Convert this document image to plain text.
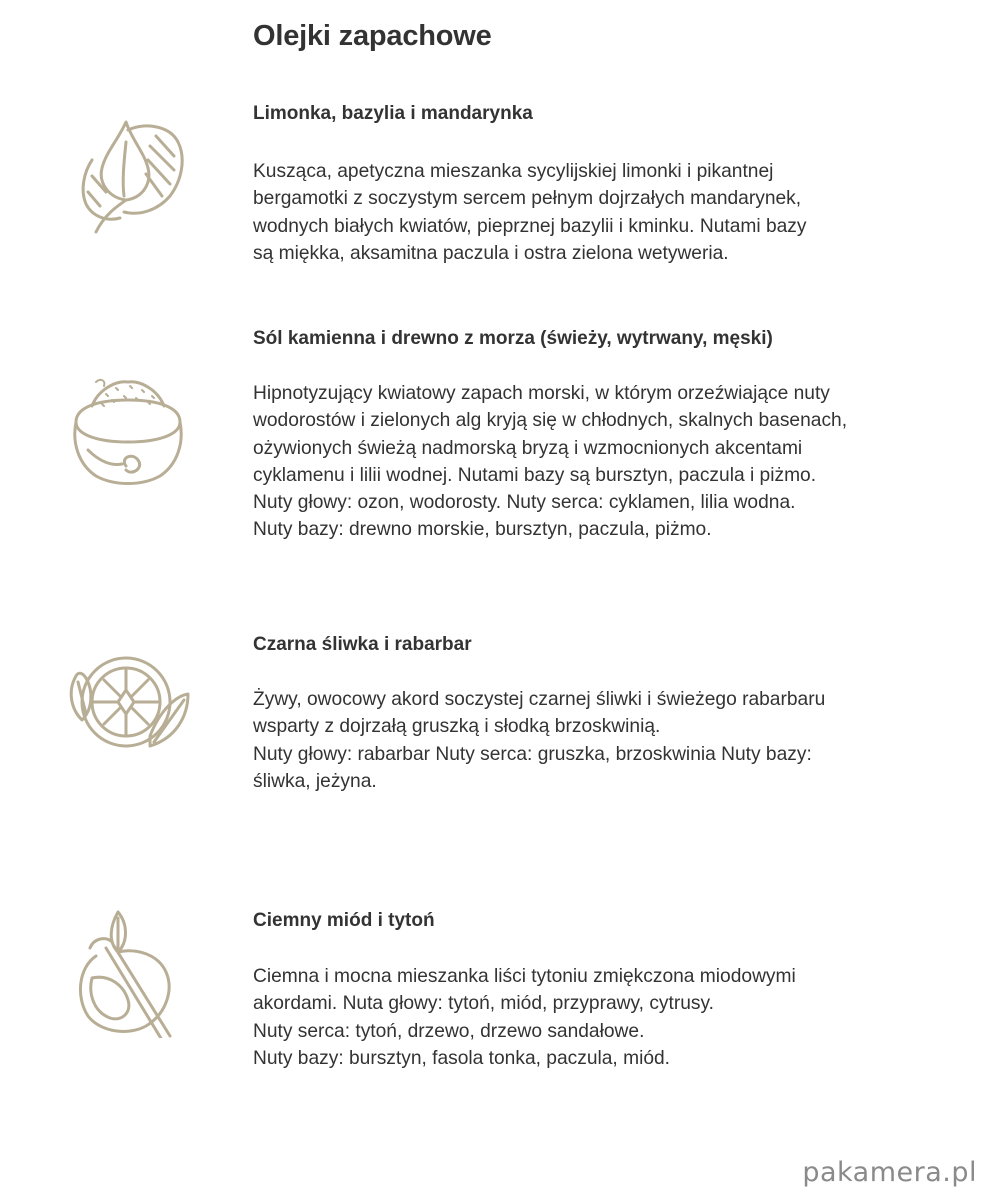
Olejki zapachowe
Limonka, bazylia i mandarynka

Kusząca, apetyczna mieszanka sycylijskiej limonki i pikantnej
bergamotki z soczystym sercem pełnym dojrzałych mandarynek,
wodnych białych kwiatów, pieprznej bazylii i kminku. Nutami bazy
są miękka, aksamitna paczula i ostra zielona wetyweria.

Sól kamienna i drewno z morza (świeży, wytrwany, męski)

Hipnotyzujący kwiatowy zapach morski, w którym orzeźwiające nuty
wodorostów i zielonych alg kryją się w chłodnych, skalnych basenach,
ożywionych świeżą nadmorską bryzą i wzmocnionych akcentami
cyklamenu i lilii wodnej. Nutami bazy są bursztyn, paczula i piżmo.
Nuty głowy: ozon, wodorosty. Nuty serca: cyklamen, lilia wodna.
Nuty bazy: drewno morskie, bursztyn, paczula, piżmo.

Czarna śliwka i rabarbar

Żywy, owocowy akord soczystej czarnej śliwki i świeżego rabarbaru
wsparty z dojrzałą gruszką i słodką brzoskwinią.
Nuty głowy: rabarbar Nuty serca: gruszka, brzoskwinia Nuty bazy:
śliwka, jeżyna.

Ciemny miód i tytoń

Ciemna i mocna mieszanka liści tytoniu zmiękczona miodowymi
akordami. Nuta głowy: tytoń, miód, przyprawy, cytrusy.
Nuty serca: tytoń, drzewo, drzewo sandałowe.
Nuty bazy: bursztyn, fasola tonka, paczula, miód.

pakamera.pl
